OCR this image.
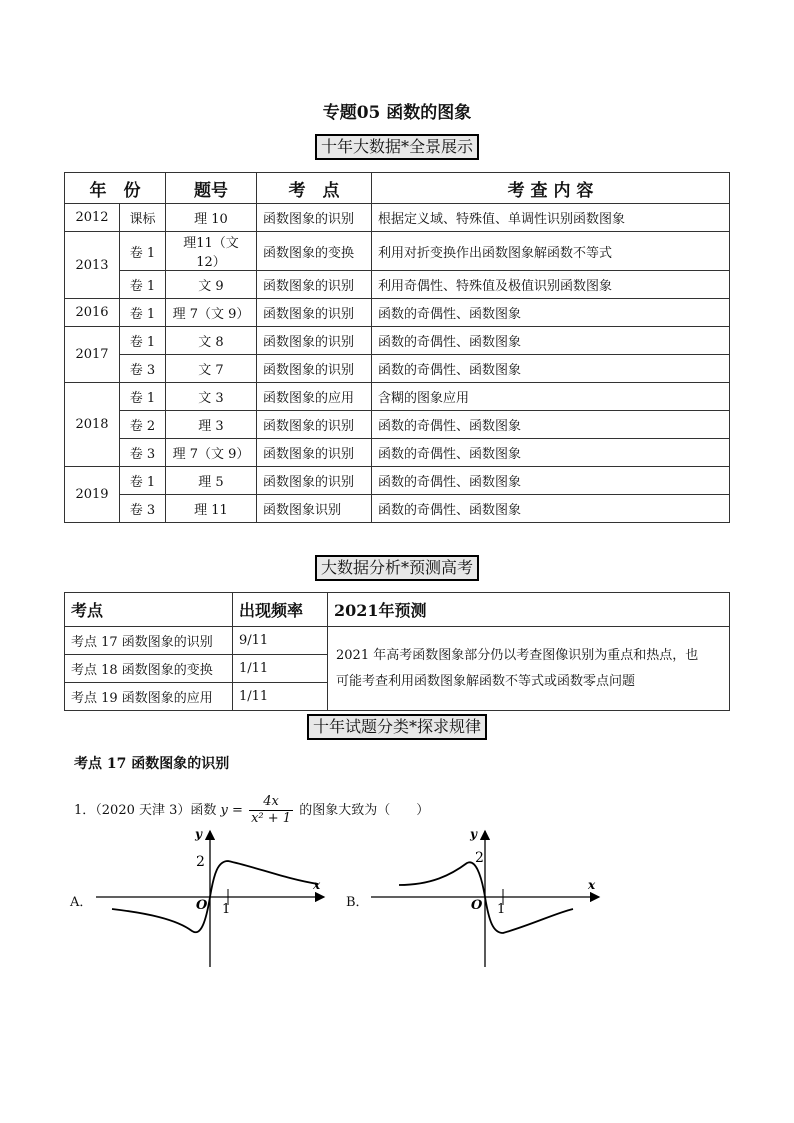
专题05 函数的图象
十年大数据*全景展示
年　份		题号	考　点	考 查 内 容
2012	课标	理 10	函数图象的识别	根据定义域、特殊值、单调性识别函数图象
2013	卷 1	理11（文12）	函数图象的变换	利用对折变换作出函数图象解函数不等式
	卷 1	文 9	函数图象的识别	利用奇偶性、特殊值及极值识别函数图象
2016	卷 1	理 7（文 9）	函数图象的识别	函数的奇偶性、函数图象
2017	卷 1	文 8	函数图象的识别	函数的奇偶性、函数图象
	卷 3	文 7	函数图象的识别	函数的奇偶性、函数图象
2018	卷 1	文 3	函数图象的应用	含糊的图象应用
	卷 2	理 3	函数图象的识别	函数的奇偶性、函数图象
	卷 3	理 7（文 9）	函数图象的识别	函数的奇偶性、函数图象
2019	卷 1	理 5	函数图象的识别	函数的奇偶性、函数图象
	卷 3	理 11	函数图象识别	函数的奇偶性、函数图象
大数据分析*预测高考
考点	出现频率	2021年预测
考点 17 函数图象的识别	9/11	2021 年高考函数图象部分仍以考查图像识别为重点和热点，也
可能考查利用函数图象解函数不等式或函数零点问题

考点 18 函数图象的变换	1/11	
考点 19 函数图象的应用	1/11	
十年试题分类*探求规律
考点 17 函数图象的识别
1．（2020 天津 3）函数 $y = \frac{4x}{\text{x² + 1}}$ 的图象大致为（　　）
A．	B．
y
x
O 1
2
y
x
O 1
2
